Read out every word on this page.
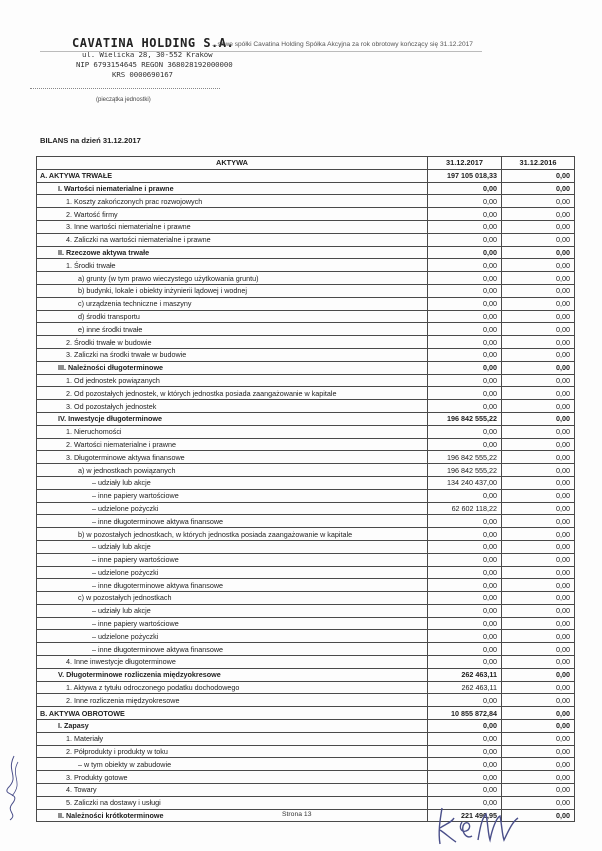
CAVATINA HOLDING S.A.
ul. Wielicka 28, 30-552 Kraków
NIP 6793154645 REGON 368028192000000
KRS 0000690167
...sowe spółki Cavatina Holding Spółka Akcyjna za rok obrotowy kończący się 31.12.2017
(pieczątka jednostki)
BILANS na dzień 31.12.2017
AKTYWA	31.12.2017	31.12.2016
A. AKTYWA TRWAŁE	197 105 018,33	0,00
I. Wartości niematerialne i prawne	0,00	0,00
1. Koszty zakończonych prac rozwojowych	0,00	0,00
2. Wartość firmy	0,00	0,00
3. Inne wartości niematerialne i prawne	0,00	0,00
4. Zaliczki na wartości niematerialne i prawne	0,00	0,00
II. Rzeczowe aktywa trwałe	0,00	0,00
1. Środki trwałe	0,00	0,00
a) grunty (w tym prawo wieczystego użytkowania gruntu)	0,00	0,00
b) budynki, lokale i obiekty inżynierii lądowej i wodnej	0,00	0,00
c) urządzenia techniczne i maszyny	0,00	0,00
d) środki transportu	0,00	0,00
e) inne środki trwałe	0,00	0,00
2. Środki trwałe w budowie	0,00	0,00
3. Zaliczki na środki trwałe w budowie	0,00	0,00
III. Należności długoterminowe	0,00	0,00
1. Od jednostek powiązanych	0,00	0,00
2. Od pozostałych jednostek, w których jednostka posiada zaangażowanie w kapitale	0,00	0,00
3. Od pozostałych jednostek	0,00	0,00
IV. Inwestycje długoterminowe	196 842 555,22	0,00
1. Nieruchomości	0,00	0,00
2. Wartości niematerialne i prawne	0,00	0,00
3. Długoterminowe aktywa finansowe	196 842 555,22	0,00
a) w jednostkach powiązanych	196 842 555,22	0,00
– udziały lub akcje	134 240 437,00	0,00
– inne papiery wartościowe	0,00	0,00
– udzielone pożyczki	62 602 118,22	0,00
– inne długoterminowe aktywa finansowe	0,00	0,00
b) w pozostałych jednostkach, w których jednostka posiada zaangażowanie w kapitale	0,00	0,00
– udziały lub akcje	0,00	0,00
– inne papiery wartościowe	0,00	0,00
– udzielone pożyczki	0,00	0,00
– inne długoterminowe aktywa finansowe	0,00	0,00
c) w pozostałych jednostkach	0,00	0,00
– udziały lub akcje	0,00	0,00
– inne papiery wartościowe	0,00	0,00
– udzielone pożyczki	0,00	0,00
– inne długoterminowe aktywa finansowe	0,00	0,00
4. Inne inwestycje długoterminowe	0,00	0,00
V. Długoterminowe rozliczenia międzyokresowe	262 463,11	0,00
1. Aktywa z tytułu odroczonego podatku dochodowego	262 463,11	0,00
2. Inne rozliczenia międzyokresowe	0,00	0,00
B. AKTYWA OBROTOWE	10 855 872,84	0,00
I. Zapasy	0,00	0,00
1. Materiały	0,00	0,00
2. Półprodukty i produkty w toku	0,00	0,00
– w tym obiekty w zabudowie	0,00	0,00
3. Produkty gotowe	0,00	0,00
4. Towary	0,00	0,00
5. Zaliczki na dostawy i usługi	0,00	0,00
II. Należności krótkoterminowe	221 490,95	0,00
Strona 13
